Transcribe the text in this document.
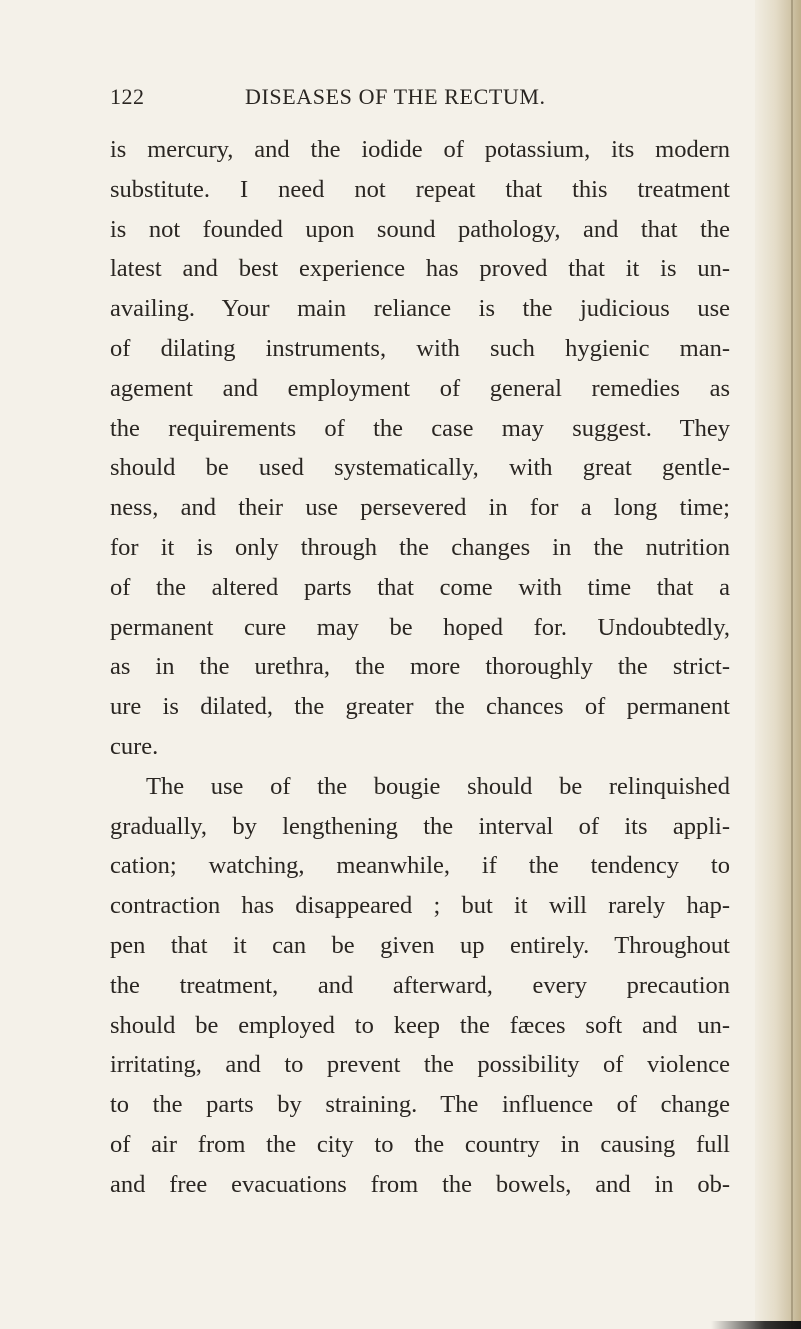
122	DISEASES OF THE RECTUM.
is mercury, and the iodide of potassium, its modern
substitute. I need not repeat that this treatment
is not founded upon sound pathology, and that the
latest and best experience has proved that it is un-
availing. Your main reliance is the judicious use
of dilating instruments, with such hygienic man-
agement and employment of general remedies as
the requirements of the case may suggest. They
should be used systematically, with great gentle-
ness, and their use persevered in for a long time;
for it is only through the changes in the nutrition
of the altered parts that come with time that a
permanent cure may be hoped for. Undoubtedly,
as in the urethra, the more thoroughly the strict-
ure is dilated, the greater the chances of permanent
cure.
The use of the bougie should be relinquished
gradually, by lengthening the interval of its appli-
cation; watching, meanwhile, if the tendency to
contraction has disappeared ; but it will rarely hap-
pen that it can be given up entirely. Throughout
the treatment, and afterward, every precaution
should be employed to keep the fæces soft and un-
irritating, and to prevent the possibility of violence
to the parts by straining. The influence of change
of air from the city to the country in causing full
and free evacuations from the bowels, and in ob-
